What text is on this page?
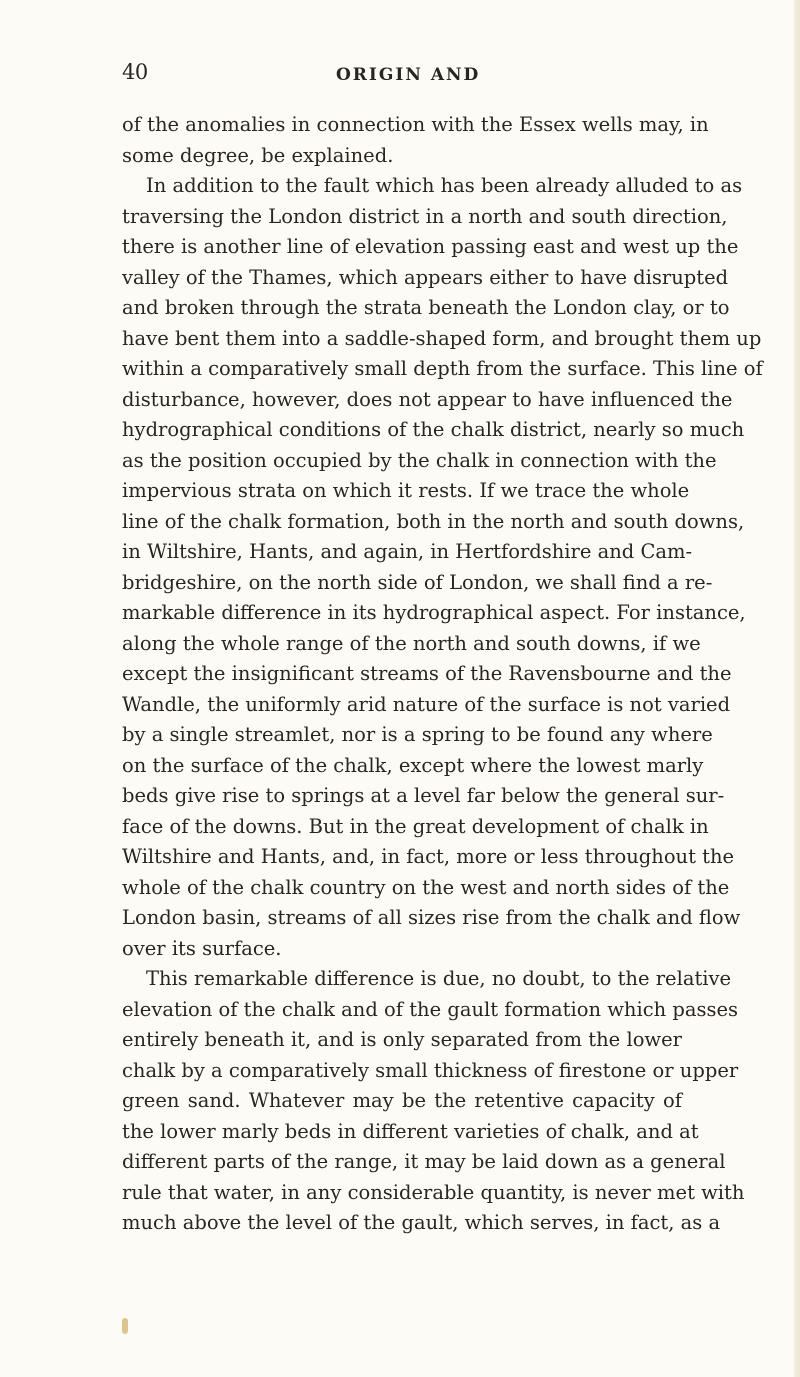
40	ORIGIN AND
of the anomalies in connection with the Essex wells may, in
some degree, be explained.
In addition to the fault which has been already alluded to as
traversing the London district in a north and south direction,
there is another line of elevation passing east and west up the
valley of the Thames, which appears either to have disrupted
and broken through the strata beneath the London clay, or to
have bent them into a saddle-shaped form, and brought them up
within a comparatively small depth from the surface. This line of
disturbance, however, does not appear to have influenced the
hydrographical conditions of the chalk district, nearly so much
as the position occupied by the chalk in connection with the
impervious strata on which it rests. If we trace the whole
line of the chalk formation, both in the north and south downs,
in Wiltshire, Hants, and again, in Hertfordshire and Cam-
bridgeshire, on the north side of London, we shall find a re-
markable difference in its hydrographical aspect. For instance,
along the whole range of the north and south downs, if we
except the insignificant streams of the Ravensbourne and the
Wandle, the uniformly arid nature of the surface is not varied
by a single streamlet, nor is a spring to be found any where
on the surface of the chalk, except where the lowest marly
beds give rise to springs at a level far below the general sur-
face of the downs. But in the great development of chalk in
Wiltshire and Hants, and, in fact, more or less throughout the
whole of the chalk country on the west and north sides of the
London basin, streams of all sizes rise from the chalk and flow
over its surface.
This remarkable difference is due, no doubt, to the relative
elevation of the chalk and of the gault formation which passes
entirely beneath it, and is only separated from the lower
chalk by a comparatively small thickness of firestone or upper
green sand. Whatever may be the retentive capacity of
the lower marly beds in different varieties of chalk, and at
different parts of the range, it may be laid down as a general
rule that water, in any considerable quantity, is never met with
much above the level of the gault, which serves, in fact, as a
